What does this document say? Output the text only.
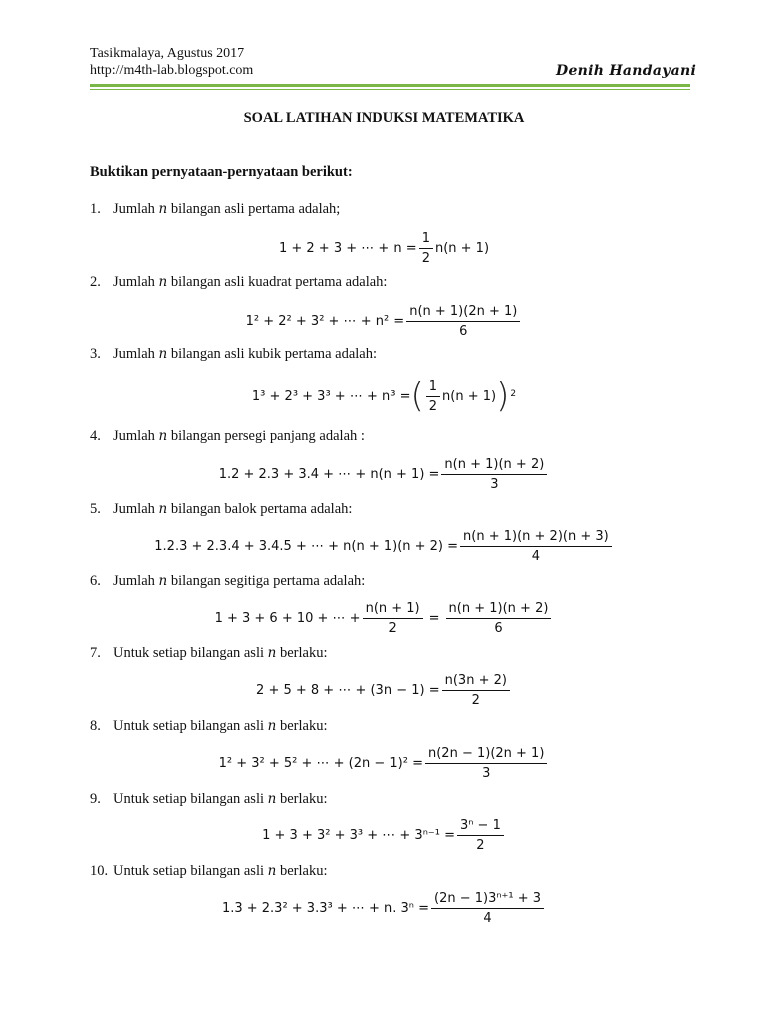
Tasikmalaya, Agustus 2017
http://m4th-lab.blogspot.com	Denih Handayani
SOAL LATIHAN INDUKSI MATEMATIKA
Buktikan pernyataan-pernyataan berikut:
1. Jumlah n bilangan asli pertama adalah;
1 + 2 + 3 + ⋯ + $n = \frac{1}{2} n(n + 1)$
2. Jumlah n bilangan asli kuadrat pertama adalah:
1² + 2² + 3² + ⋯ + $n^2 = \frac{n(n + 1)(2n + 1)}{6}$
3. Jumlah n bilangan asli kubik pertama adalah:
1³ + 2³ + 3³ + ⋯ + n³ = ( $\frac{1}{2} n(n + 1)$ ) 2
4. Jumlah n bilangan persegi panjang adalah :
1.2 + 2.3 + 3.4 + ⋯ + $n(n + 1) = \frac{n(n + 1)(n + 2)}{3}$
5. Jumlah n bilangan balok pertama adalah:
1.2.3 + 2.3.4 + 3.4.5 + ⋯ + $n(n + 1)(n + 2) = \frac{n(n + 1)(n + 2)(n + 3)}{4}$
6. Jumlah n bilangan segitiga pertama adalah:
1 + 3 + 6 + 10 + ⋯ + $\frac{n(n + 1)}{2} = \frac{n(n + 1)(n + 2)}{6}$
7. Untuk setiap bilangan asli n berlaku:
2 + 5 + 8 + ⋯ + $(3n - 1) = \frac{n(3n + 2)}{2}$
8. Untuk setiap bilangan asli n berlaku:
1² + 3² + 5² + ⋯ + $(2n - 1)^2 = \frac{n(2n - 1)(2n + 1)}{3}$
9. Untuk setiap bilangan asli n berlaku:
1 + 3 + 3² + 3³ + ⋯ + $3^{n-1} = \frac{\text{3ⁿ − 1}}{2}$
10. Untuk setiap bilangan asli n berlaku:
1.3 + 2.3² + 3.3³ + ⋯ + n. $3^n = \frac{\text{(2n − 1)3ⁿ⁺¹ + 3}}{4}$
